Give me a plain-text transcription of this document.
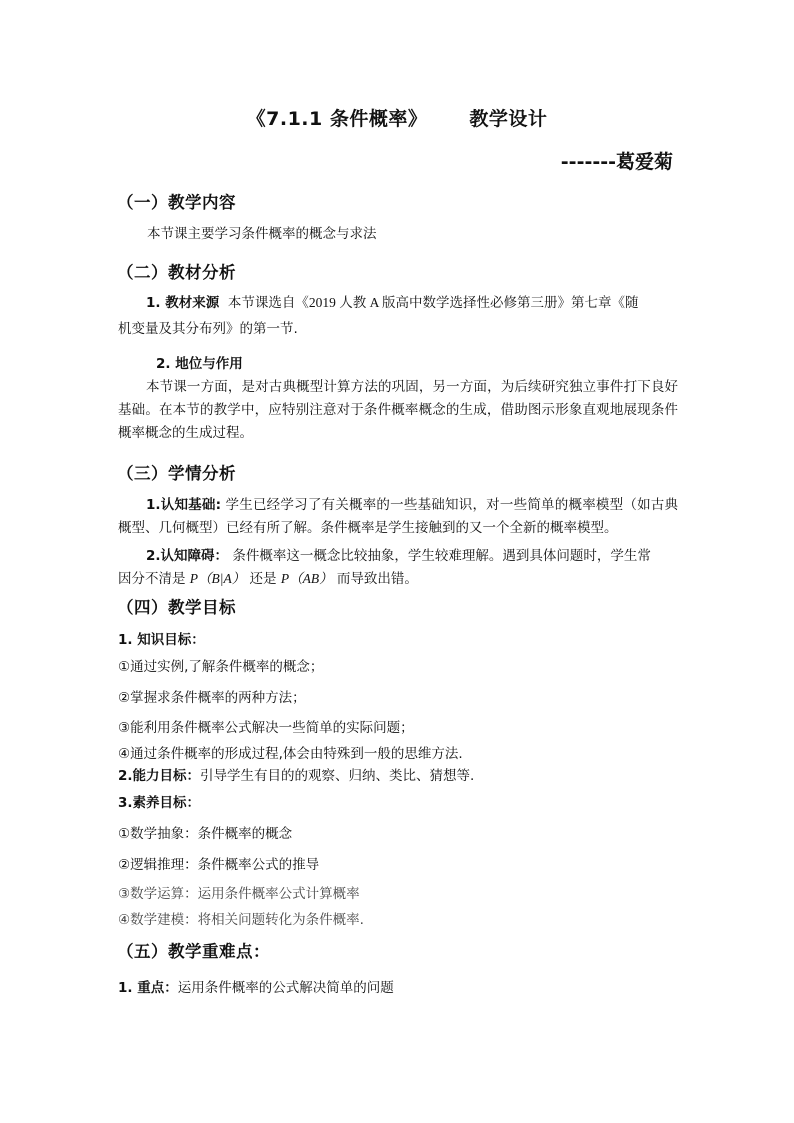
《7.1.1 条件概率》 教学设计
-------葛爱菊
（一）教学内容
本节课主要学习条件概率的概念与求法
（二）教材分析
1. 教材来源 本节课选自《2019 人教 A 版高中数学选择性必修第三册》第七章《随
机变量及其分布列》的第一节.
2. 地位与作用
本节课一方面，是对古典概型计算方法的巩固，另一方面，为后续研究独立事件打下良好基础。在本节的教学中，应特别注意对于条件概率概念的生成，借助图示形象直观地展现条件概率概念的生成过程。
（三）学情分析
1.认知基础: 学生已经学习了有关概率的一些基础知识，对一些简单的概率模型（如古典概型、几何概型）已经有所了解。条件概率是学生接触到的又一个全新的概率模型。
2.认知障碍： 条件概率这一概念比较抽象，学生较难理解。遇到具体问题时，学生常
因分不清是 P（B|A） 还是 P（AB） 而导致出错。
（四）教学目标
1. 知识目标：
①通过实例,了解条件概率的概念；
②掌握求条件概率的两种方法；
③能利用条件概率公式解决一些简单的实际问题；
④通过条件概率的形成过程,体会由特殊到一般的思维方法.
2.能力目标：引导学生有目的的观察、归纳、类比、猜想等.
3.素养目标：
①数学抽象：条件概率的概念
②逻辑推理：条件概率公式的推导
③数学运算：运用条件概率公式计算概率
④数学建模：将相关问题转化为条件概率.
（五）教学重难点：
1. 重点：运用条件概率的公式解决简单的问题
